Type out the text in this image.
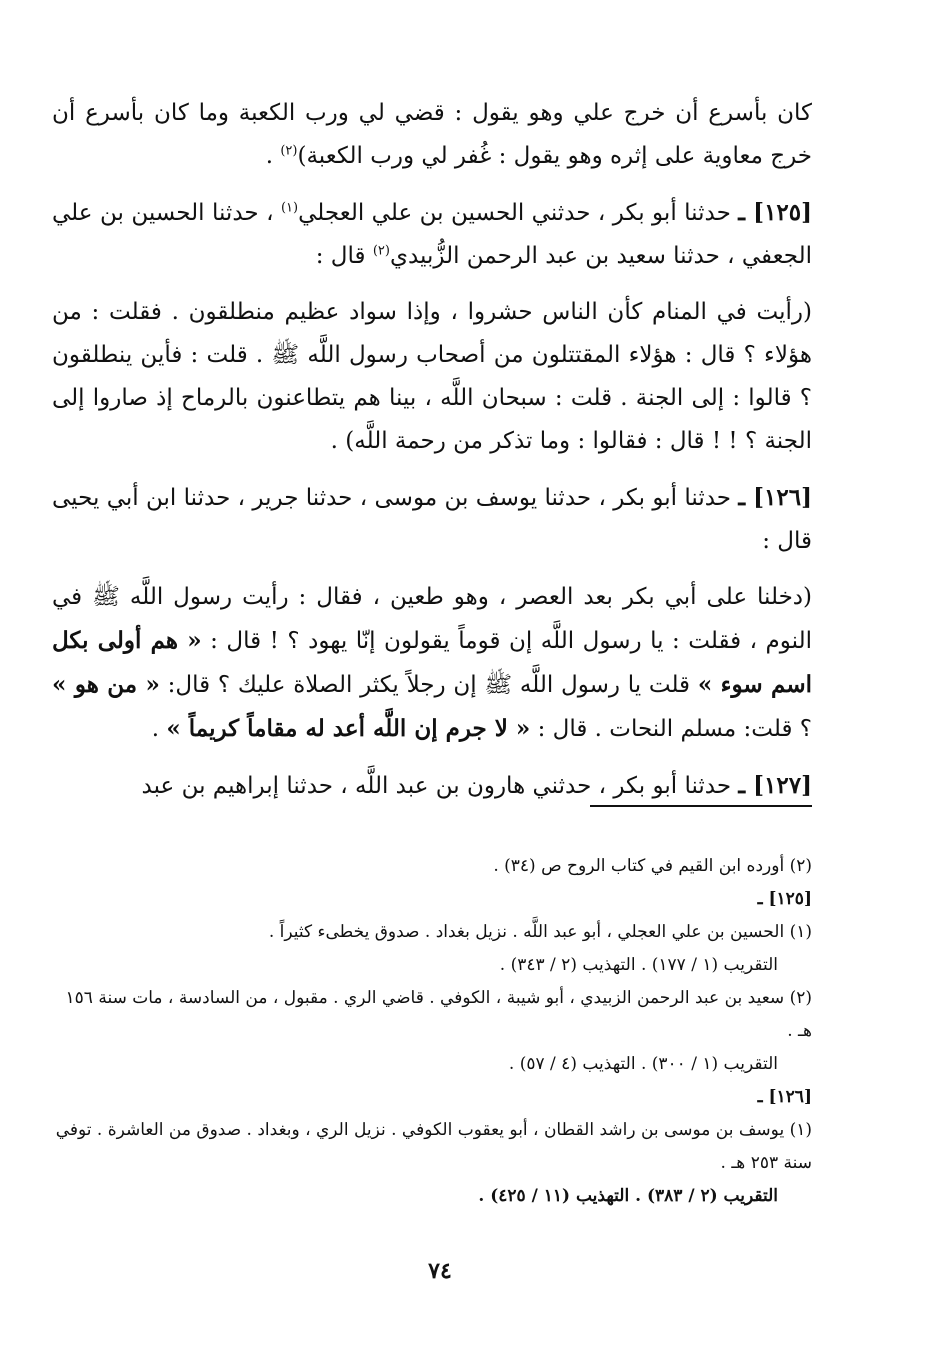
كان بأسرع أن خرج علي وهو يقول : قضي لي ورب الكعبة وما كان بأسرع أن خرج معاوية على إثره وهو يقول : غُفر لي ورب الكعبة)$^{(٢)}$ .

[١٢٥] ـ حدثنا أبو بكر ، حدثني الحسين بن علي العجلي$^{(١)}$ ، حدثنا الحسين بن علي الجعفي ، حدثنا سعيد بن عبد الرحمن الزُّبيدي$^{(٢)}$ قال :

(رأيت في المنام كأن الناس حشروا ، وإذا سواد عظيم منطلقون . فقلت : من هؤلاء ؟ قال : هؤلاء المقتتلون من أصحاب رسول اللَّه ﷺ . قلت : فأين ينطلقون ؟ قالوا : إلى الجنة . قلت : سبحان اللَّه ، بينا هم يتطاعنون بالرماح إذ صاروا إلى الجنة ؟ ! ! قال : فقالوا : وما تذكر من رحمة اللَّه) .

[١٢٦] ـ حدثنا أبو بكر ، حدثنا يوسف بن موسى ، حدثنا جرير ، حدثنا ابن أبي يحيى قال :

(دخلنا على أبي بكر بعد العصر ، وهو طعين ، فقال : رأيت رسول اللَّه ﷺ في النوم ، فقلت : يا رسول اللَّه إن قوماً يقولون إنّا يهود ؟ ! قال : « هم أولى بكل اسم سوء » قلت يا رسول اللَّه ﷺ إن رجلاً يكثر الصلاة عليك ؟ قال: « من هو » ؟ قلت: مسلم النحات . قال : « لا جرم إن اللَّه أعد له مقاماً كريماً » .

[١٢٧] ـ حدثنا أبو بكر ، حدثني هارون بن عبد اللَّه ، حدثنا إبراهيم بن عبد

(٢) أورده ابن القيم في كتاب الروح ص (٣٤) .

[١٢٥] ـ

(١) الحسين بن علي العجلي ، أبو عبد اللَّه . نزيل بغداد . صدوق يخطىء كثيراً .

التقريب (١ / ١٧٧) . التهذيب (٢ / ٣٤٣) .

(٢) سعيد بن عبد الرحمن الزبيدي ، أبو شيبة ، الكوفي . قاضي الري . مقبول ، من السادسة ، مات سنة ١٥٦ هـ .

التقريب (١ / ٣٠٠) . التهذيب (٤ / ٥٧) .

[١٢٦] ـ

(١) يوسف بن موسى بن راشد القطان ، أبو يعقوب الكوفي . نزيل الري ، وبغداد . صدوق من العاشرة . توفي سنة ٢٥٣ هـ .

التقريب (٢ / ٣٨٣) . التهذيب (١١ / ٤٢٥) .

٧٤
